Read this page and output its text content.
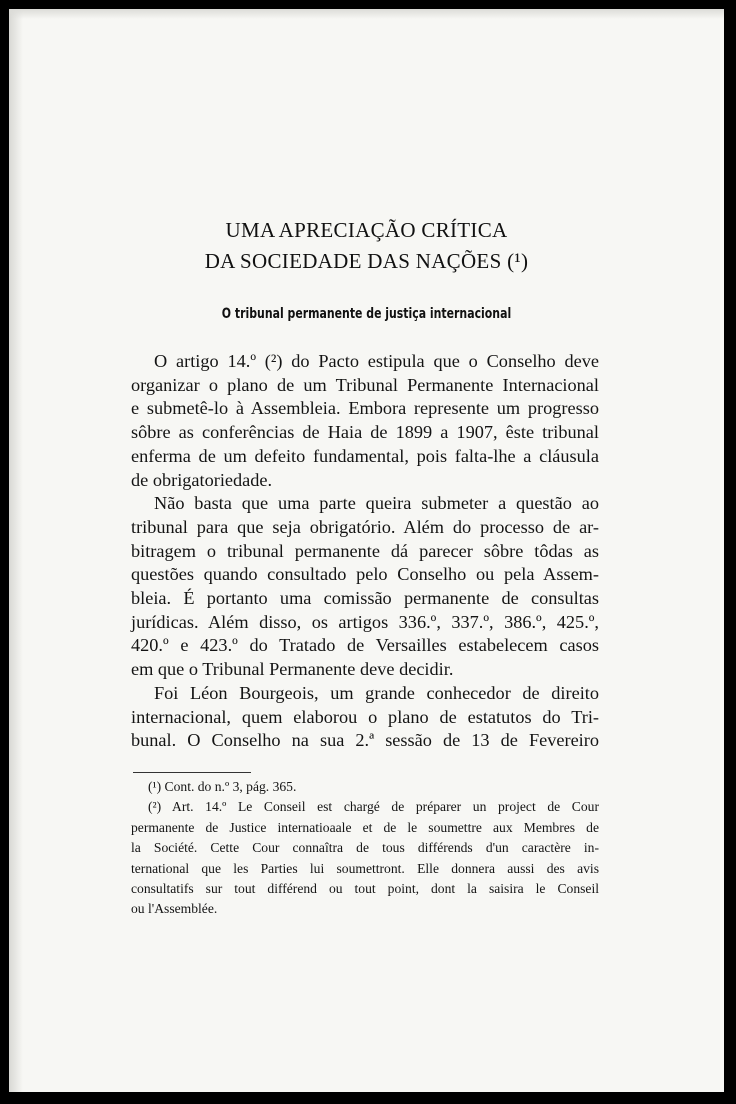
UMA APRECIAÇÃO CRÍTICA
DA SOCIEDADE DAS NAÇÕES (¹)
O tribunal permanente de justiça internacional
O artigo 14.º (²) do Pacto estipula que o Conselho deve
organizar o plano de um Tribunal Permanente Internacional
e submetê-lo à Assembleia. Embora represente um progresso
sôbre as conferências de Haia de 1899 a 1907, êste tribunal
enferma de um defeito fundamental, pois falta-lhe a cláusula
de obrigatoriedade.
Não basta que uma parte queira submeter a questão ao
tribunal para que seja obrigatório. Além do processo de ar-
bitragem o tribunal permanente dá parecer sôbre tôdas as
questões quando consultado pelo Conselho ou pela Assem-
bleia. É portanto uma comissão permanente de consultas
jurídicas. Além disso, os artigos 336.º, 337.º, 386.º, 425.º,
420.º e 423.º do Tratado de Versailles estabelecem casos
em que o Tribunal Permanente deve decidir.
Foi Léon Bourgeois, um grande conhecedor de direito
internacional, quem elaborou o plano de estatutos do Tri-
bunal. O Conselho na sua 2.ª sessão de 13 de Fevereiro
(¹) Cont. do n.º 3, pág. 365.
(²) Art. 14.º Le Conseil est chargé de préparer un project de Cour
permanente de Justice internatioaale et de le soumettre aux Membres de
la Société. Cette Cour connaîtra de tous différends d'un caractère in-
ternational que les Parties lui soumettront. Elle donnera aussi des avis
consultatifs sur tout différend ou tout point, dont la saisira le Conseil
ou l'Assemblée.
